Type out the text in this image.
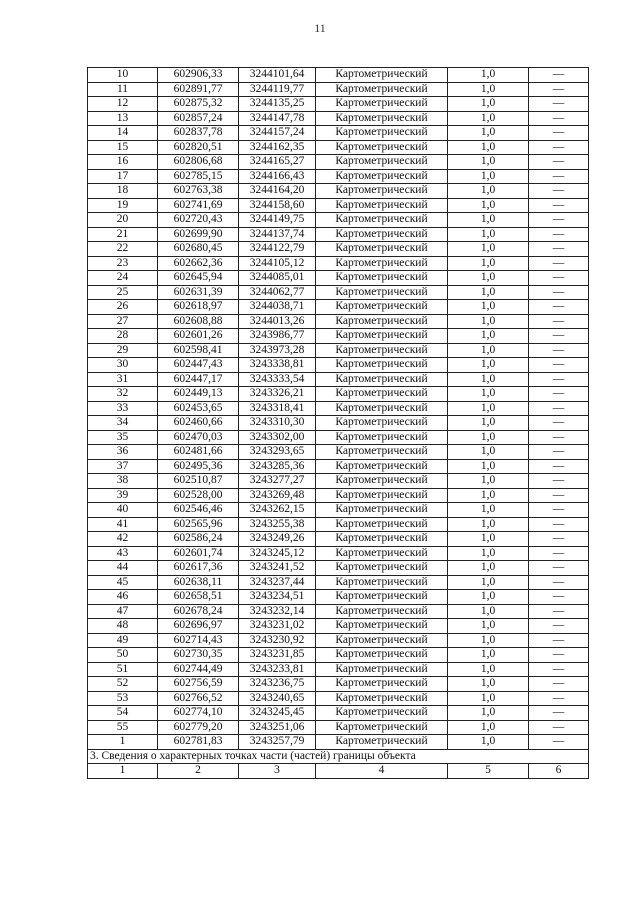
11
10	602906,33	3244101,64	Картометрический	1,0	—
11	602891,77	3244119,77	Картометрический	1,0	—
12	602875,32	3244135,25	Картометрический	1,0	—
13	602857,24	3244147,78	Картометрический	1,0	—
14	602837,78	3244157,24	Картометрический	1,0	—
15	602820,51	3244162,35	Картометрический	1,0	—
16	602806,68	3244165,27	Картометрический	1,0	—
17	602785,15	3244166,43	Картометрический	1,0	—
18	602763,38	3244164,20	Картометрический	1,0	—
19	602741,69	3244158,60	Картометрический	1,0	—
20	602720,43	3244149,75	Картометрический	1,0	—
21	602699,90	3244137,74	Картометрический	1,0	—
22	602680,45	3244122,79	Картометрический	1,0	—
23	602662,36	3244105,12	Картометрический	1,0	—
24	602645,94	3244085,01	Картометрический	1,0	—
25	602631,39	3244062,77	Картометрический	1,0	—
26	602618,97	3244038,71	Картометрический	1,0	—
27	602608,88	3244013,26	Картометрический	1,0	—
28	602601,26	3243986,77	Картометрический	1,0	—
29	602598,41	3243973,28	Картометрический	1,0	—
30	602447,43	3243338,81	Картометрический	1,0	—
31	602447,17	3243333,54	Картометрический	1,0	—
32	602449,13	3243326,21	Картометрический	1,0	—
33	602453,65	3243318,41	Картометрический	1,0	—
34	602460,66	3243310,30	Картометрический	1,0	—
35	602470,03	3243302,00	Картометрический	1,0	—
36	602481,66	3243293,65	Картометрический	1,0	—
37	602495,36	3243285,36	Картометрический	1,0	—
38	602510,87	3243277,27	Картометрический	1,0	—
39	602528,00	3243269,48	Картометрический	1,0	—
40	602546,46	3243262,15	Картометрический	1,0	—
41	602565,96	3243255,38	Картометрический	1,0	—
42	602586,24	3243249,26	Картометрический	1,0	—
43	602601,74	3243245,12	Картометрический	1,0	—
44	602617,36	3243241,52	Картометрический	1,0	—
45	602638,11	3243237,44	Картометрический	1,0	—
46	602658,51	3243234,51	Картометрический	1,0	—
47	602678,24	3243232,14	Картометрический	1,0	—
48	602696,97	3243231,02	Картометрический	1,0	—
49	602714,43	3243230,92	Картометрический	1,0	—
50	602730,35	3243231,85	Картометрический	1,0	—
51	602744,49	3243233,81	Картометрический	1,0	—
52	602756,59	3243236,75	Картометрический	1,0	—
53	602766,52	3243240,65	Картометрический	1,0	—
54	602774,10	3243245,45	Картометрический	1,0	—
55	602779,20	3243251,06	Картометрический	1,0	—
1	602781,83	3243257,79	Картометрический	1,0	—
3. Сведения о характерных точках части (частей) границы объекта					
1	2	3	4	5	6
